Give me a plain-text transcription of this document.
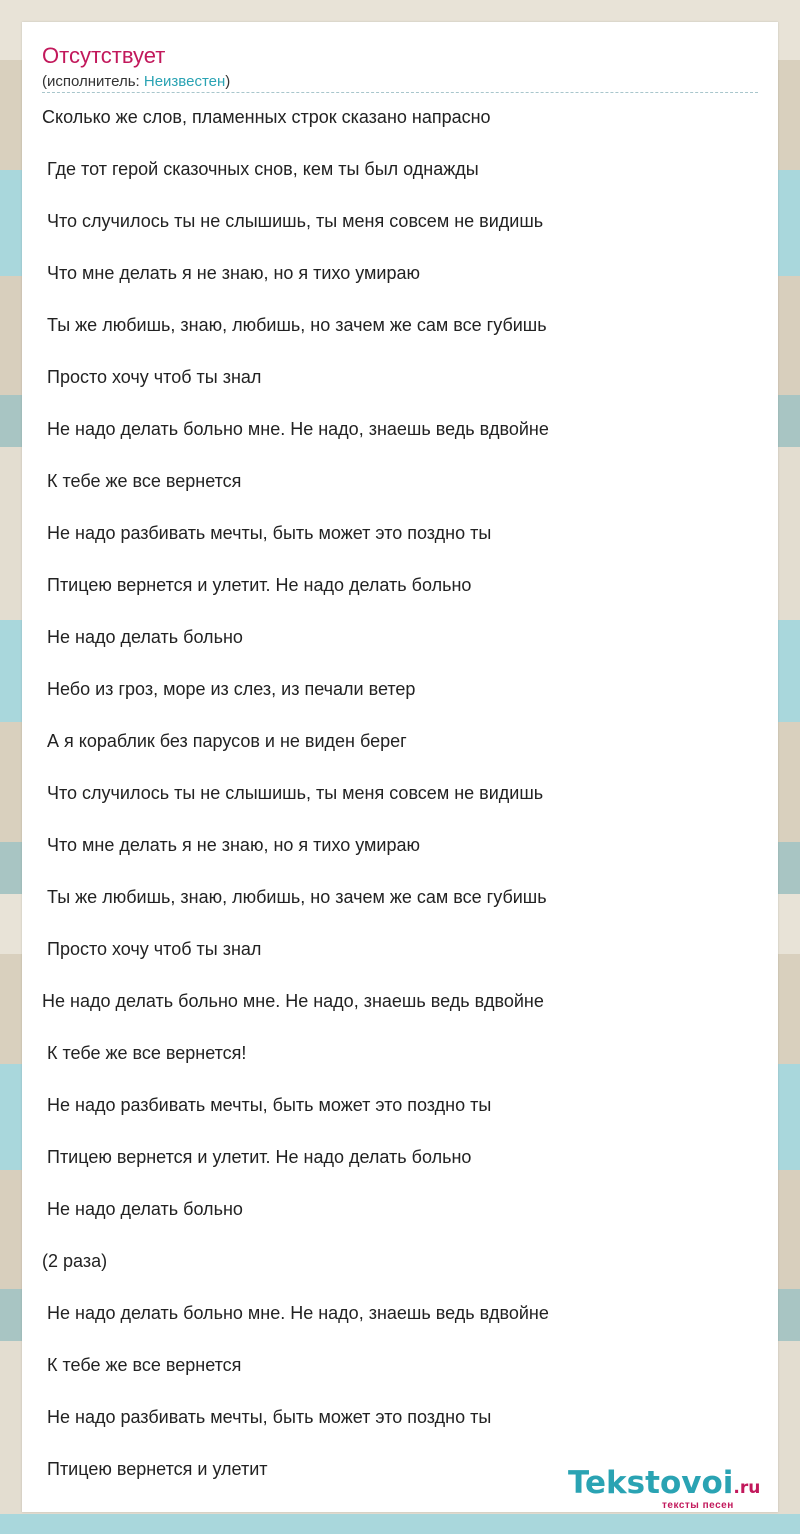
Отсутствует
(исполнитель: Неизвестен)
Сколько же слов, пламенных строк сказано напрасно
Где тот герой сказочных снов, кем ты был однажды
Что случилось ты не слышишь, ты меня совсем не видишь
Что мне делать я не знаю, но я тихо умираю
Ты же любишь, знаю, любишь, но зачем же сам все губишь
Просто хочу чтоб ты знал
Не надо делать больно мне. Не надо, знаешь ведь вдвойне
К тебе же все вернется
Не надо разбивать мечты, быть может это поздно ты
Птицею вернется и улетит. Не надо делать больно
Не надо делать больно
Небо из гроз, море из слез, из печали ветер
А я кораблик без парусов и не виден берег
Что случилось ты не слышишь, ты меня совсем не видишь
Что мне делать я не знаю, но я тихо умираю
Ты же любишь, знаю, любишь, но зачем же сам все губишь
Просто хочу чтоб ты знал
Не надо делать больно мне. Не надо, знаешь ведь вдвойне
К тебе же все вернется!
Не надо разбивать мечты, быть может это поздно ты
Птицею вернется и улетит. Не надо делать больно
Не надо делать больно
(2 раза)
Не надо делать больно мне. Не надо, знаешь ведь вдвойне
К тебе же все вернется
Не надо разбивать мечты, быть может это поздно ты
Птицею вернется и улетит	Tekstovoi.ru
тексты песен
